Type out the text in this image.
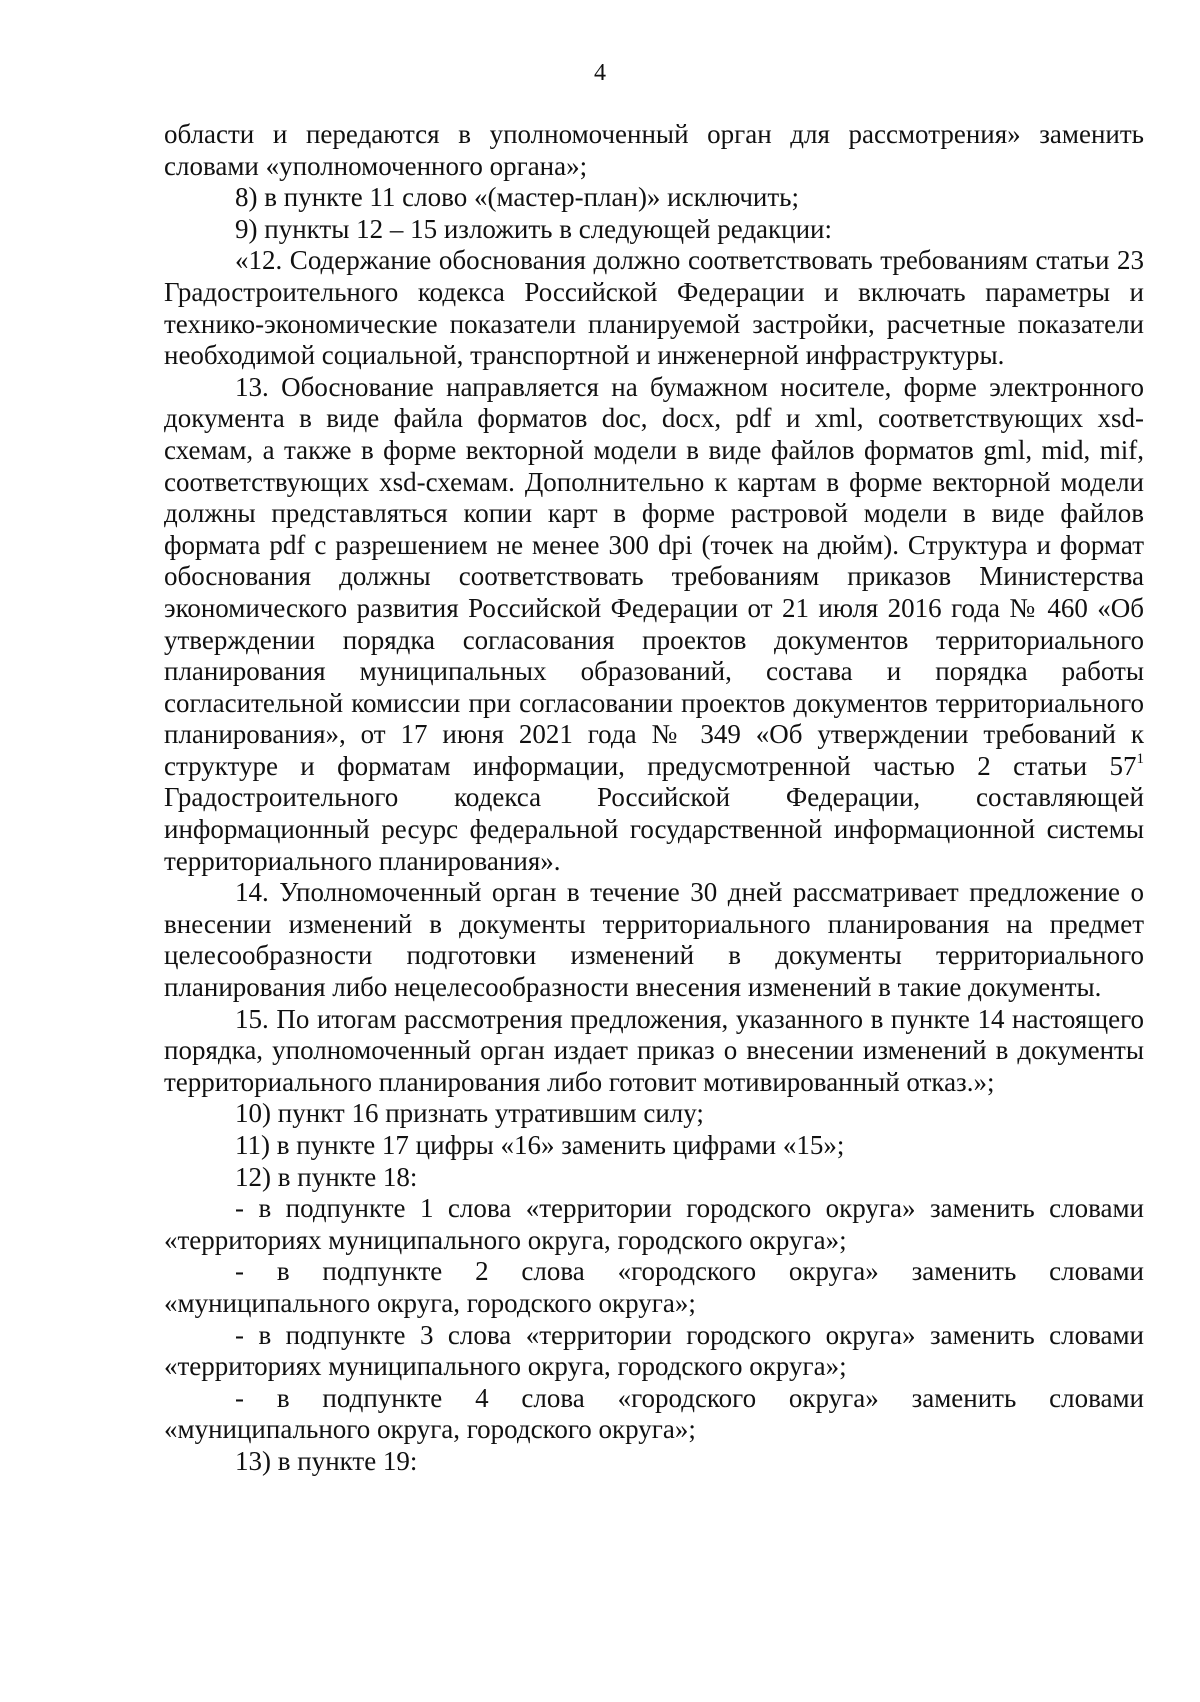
4

области и передаются в уполномоченный орган для рассмотрения» заменить словами «уполномоченного органа»;

8) в пункте 11 слово «(мастер-план)» исключить;

9) пункты 12 – 15 изложить в следующей редакции:

«12. Содержание обоснования должно соответствовать требованиям статьи 23 Градостроительного кодекса Российской Федерации и включать параметры и технико-экономические показатели планируемой застройки, расчетные показатели необходимой социальной, транспортной и инженерной инфраструктуры.

13. Обоснование направляется на бумажном носителе, форме электронного документа в виде файла форматов doc, docx, pdf и xml, соответствующих xsd-схемам, а также в форме векторной модели в виде файлов форматов gml, mid, mif, соответствующих xsd-схемам. Дополнительно к картам в форме векторной модели должны представляться копии карт в форме растровой модели в виде файлов формата pdf с разрешением не менее 300 dpi (точек на дюйм). Структура и формат обоснования должны соответствовать требованиям приказов Министерства экономического развития Российской Федерации от 21 июля 2016 года № 460 «Об утверждении порядка согласования проектов документов территориального планирования муниципальных образований, состава и порядка работы согласительной комиссии при согласовании проектов документов территориального планирования», от 17 июня 2021 года № 349 «Об утверждении требований к структуре и форматам информации, предусмотренной частью 2 статьи $57^1$ Градостроительного кодекса Российской Федерации, составляющей информационный ресурс федеральной государственной информационной системы территориального планирования».

14. Уполномоченный орган в течение 30 дней рассматривает предложение о внесении изменений в документы территориального планирования на предмет целесообразности подготовки изменений в документы территориального планирования либо нецелесообразности внесения изменений в такие документы.

15. По итогам рассмотрения предложения, указанного в пункте 14 настоящего порядка, уполномоченный орган издает приказ о внесении изменений в документы территориального планирования либо готовит мотивированный отказ.»;

10) пункт 16 признать утратившим силу;

11) в пункте 17 цифры «16» заменить цифрами «15»;

12) в пункте 18:

- в подпункте 1 слова «территории городского округа» заменить словами «территориях муниципального округа, городского округа»;

- в подпункте 2 слова «городского округа» заменить словами «муниципального округа, городского округа»;

- в подпункте 3 слова «территории городского округа» заменить словами «территориях муниципального округа, городского округа»;

- в подпункте 4 слова «городского округа» заменить словами «муниципального округа, городского округа»;

13) в пункте 19:
